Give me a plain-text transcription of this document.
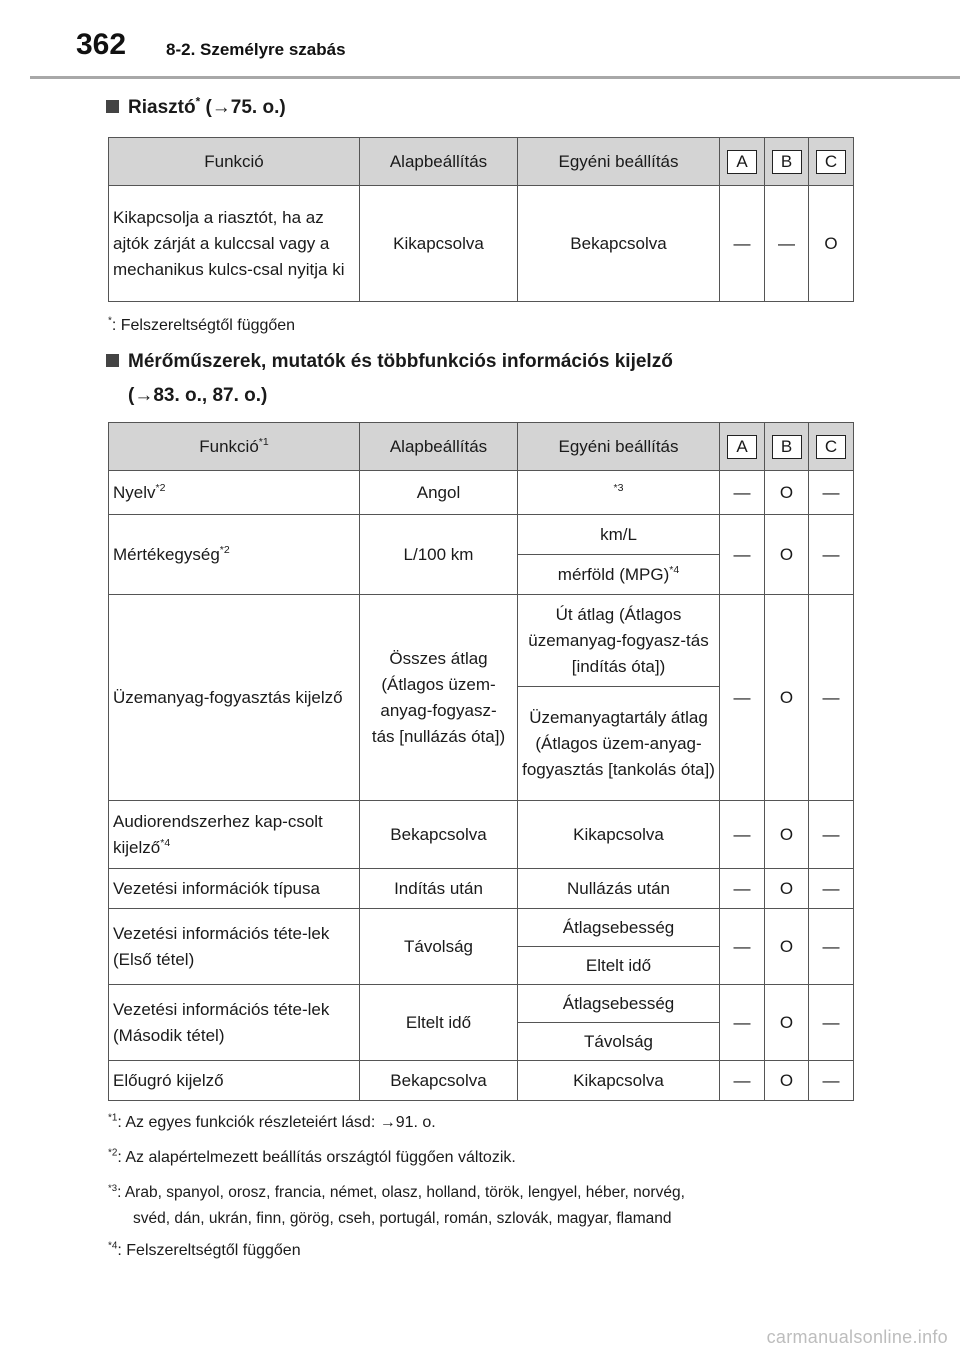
362 8-2. Személyre szabás
Riasztó* (→75. o.)
Funkció	Alapbeállítás	Egyéni beállítás	A	B	C
Kikapcsolja a riasztót, ha az ajtók zárját a kulccsal vagy a mechanikus kulcs-csal nyitja ki	Kikapcsolva	Bekapcsolva	—	—	O
*: Felszereltségtől függően
Mérőműszerek, mutatók és többfunkciós információs kijelző
(→83. o., 87. o.)
Funkció$^{*1}$	Alapbeállítás	Egyéni beállítás	A	B	C
Nyelv$^{*2}$	Angol	$^{*3}$	—	O	—
Mértékegység$^{*2}$	L/100 km	km/L	—	O	—
		mérföld (MPG)$^{*4}$
Üzemanyag-fogyasztás kijelző	Összes átlag (Átlagos üzem-anyag-fogyasz-tás [nullázás óta])	Út átlag (Átlagos üzemanyag-fogyasz-tás [indítás óta])	—	O	—
		Üzemanyagtartály átlag (Átlagos üzem-anyag-fogyasztás [tankolás óta])			
Audiorendszerhez kap-csolt kijelző$^{*4}$	Bekapcsolva	Kikapcsolva	—	O	—
Vezetési információk típusa	Indítás után	Nullázás után	—	O	—
Vezetési információs téte-lek (Első tétel)	Távolság	Átlagsebesség	—	O	—
		Eltelt idő			
Vezetési információs téte-lek (Második tétel)	Eltelt idő	Átlagsebesség	—	O	—
		Távolság			
Előugró kijelző	Bekapcsolva	Kikapcsolva	—	O	—
$^{*1}$: Az egyes funkciók részleteiért lásd: →91. o.
$^{*2}$: Az alapértelmezett beállítás országtól függően változik.
$^{*3}$: Arab, spanyol, orosz, francia, német, olasz, holland, török, lengyel, héber, norvég,
svéd, dán, ukrán, finn, görög, cseh, portugál, román, szlovák, magyar, flamand
$^{*4}$: Felszereltségtől függően
carmanualsonline.info
